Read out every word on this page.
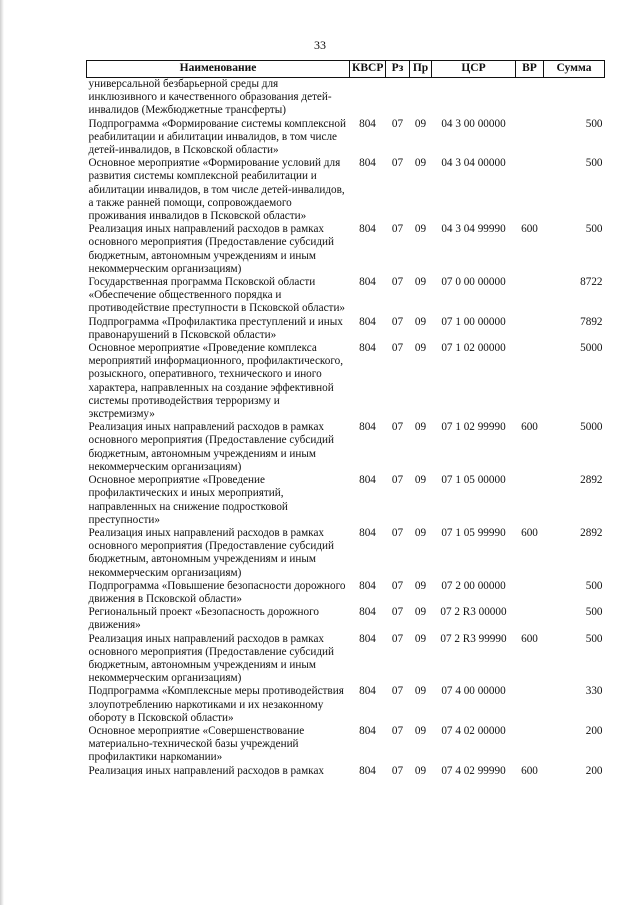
33
Наименование	КВСР	Рз	Пр	ЦСР	ВР	Сумма
универсальной безбарьерной среды для инклюзивного и качественного образования детей-инвалидов (Межбюджетные трансферты)						
Подпрограмма «Формирование системы комплексной реабилитации и абилитации инвалидов, в том числе детей-инвалидов, в Псковской области»	804	07	09	04 3 00 00000		500
Основное мероприятие «Формирование условий для развития системы комплексной реабилитации и абилитации инвалидов, в том числе детей-инвалидов, а также ранней помощи, сопровождаемого проживания инвалидов в Псковской области»	804	07	09	04 3 04 00000		500
Реализация иных направлений расходов в рамках основного мероприятия (Предоставление субсидий бюджетным, автономным учреждениям и иным некоммерческим организациям)	804	07	09	04 3 04 99990	600	500
Государственная программа Псковской области «Обеспечение общественного порядка и противодействие преступности в Псковской области»	804	07	09	07 0 00 00000		8722
Подпрограмма «Профилактика преступлений и иных правонарушений в Псковской области»	804	07	09	07 1 00 00000		7892
Основное мероприятие «Проведение комплекса мероприятий информационного, профилактического, розыскного, оперативного, технического и иного характера, направленных на создание эффективной системы противодействия терроризму и экстремизму»	804	07	09	07 1 02 00000		5000
Реализация иных направлений расходов в рамках основного мероприятия (Предоставление субсидий бюджетным, автономным учреждениям и иным некоммерческим организациям)	804	07	09	07 1 02 99990	600	5000
Основное мероприятие «Проведение профилактических и иных мероприятий, направленных на снижение подростковой преступности»	804	07	09	07 1 05 00000		2892
Реализация иных направлений расходов в рамках основного мероприятия (Предоставление субсидий бюджетным, автономным учреждениям и иным некоммерческим организациям)	804	07	09	07 1 05 99990	600	2892
Подпрограмма «Повышение безопасности дорожного движения в Псковской области»	804	07	09	07 2 00 00000		500
Региональный проект «Безопасность дорожного движения»	804	07	09	07 2 R3 00000		500
Реализация иных направлений расходов в рамках основного мероприятия (Предоставление субсидий бюджетным, автономным учреждениям и иным некоммерческим организациям)	804	07	09	07 2 R3 99990	600	500
Подпрограмма «Комплексные меры противодействия злоупотреблению наркотиками и их незаконному обороту в Псковской области»	804	07	09	07 4 00 00000		330
Основное мероприятие «Совершенствование материально-технической базы учреждений профилактики наркомании»	804	07	09	07 4 02 00000		200
Реализация иных направлений расходов в рамках	804	07	09	07 4 02 99990	600	200
